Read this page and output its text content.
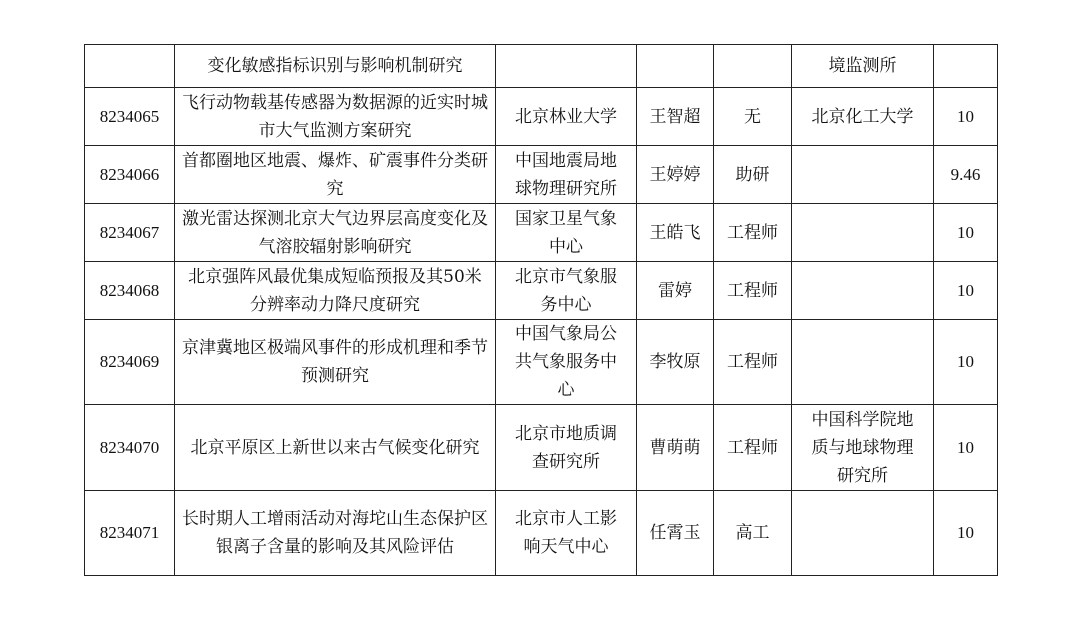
	变化敏感指标识别与影响机制研究				境监测所	
8234065	飞行动物载基传感器为数据源的近实时城市大气监测方案研究	北京林业大学	王智超	无	北京化工大学	10
8234066	首都圈地区地震、爆炸、矿震事件分类研究	中国地震局地球物理研究所	王婷婷	助研		9.46
8234067	激光雷达探测北京大气边界层高度变化及气溶胶辐射影响研究	国家卫星气象中心	王皓飞	工程师		10
8234068	北京强阵风最优集成短临预报及其50米分辨率动力降尺度研究	北京市气象服务中心	雷婷	工程师		10
8234069	京津冀地区极端风事件的形成机理和季节预测研究	中国气象局公共气象服务中心	李牧原	工程师		10
8234070	北京平原区上新世以来古气候变化研究	北京市地质调查研究所	曹萌萌	工程师	中国科学院地质与地球物理研究所	10
8234071	长时期人工增雨活动对海坨山生态保护区银离子含量的影响及其风险评估	北京市人工影响天气中心	任霄玉	高工		10
